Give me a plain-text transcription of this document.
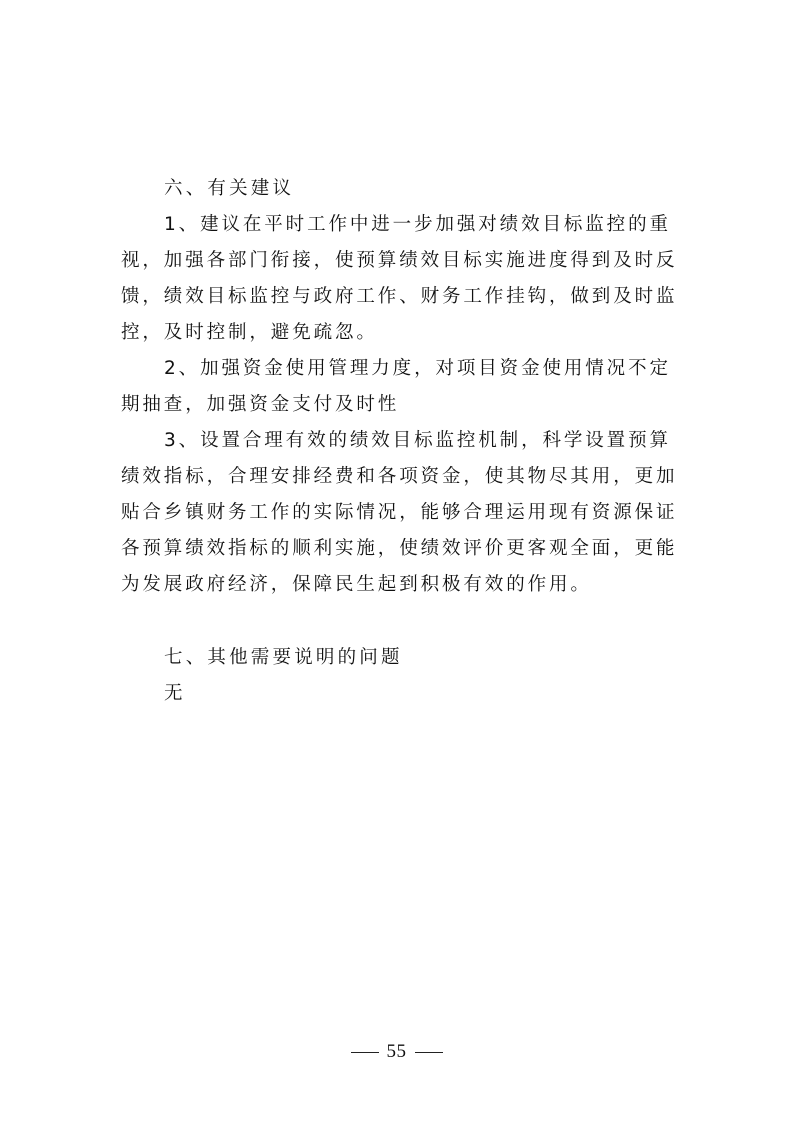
六、有关建议
1、建议在平时工作中进一步加强对绩效目标监控的重
视，加强各部门衔接，使预算绩效目标实施进度得到及时反
馈，绩效目标监控与政府工作、财务工作挂钩，做到及时监
控，及时控制，避免疏忽。
2、加强资金使用管理力度，对项目资金使用情况不定
期抽查，加强资金支付及时性
3、设置合理有效的绩效目标监控机制，科学设置预算
绩效指标，合理安排经费和各项资金，使其物尽其用，更加
贴合乡镇财务工作的实际情况，能够合理运用现有资源保证
各预算绩效指标的顺利实施，使绩效评价更客观全面，更能
为发展政府经济，保障民生起到积极有效的作用。
七、其他需要说明的问题
无
55
